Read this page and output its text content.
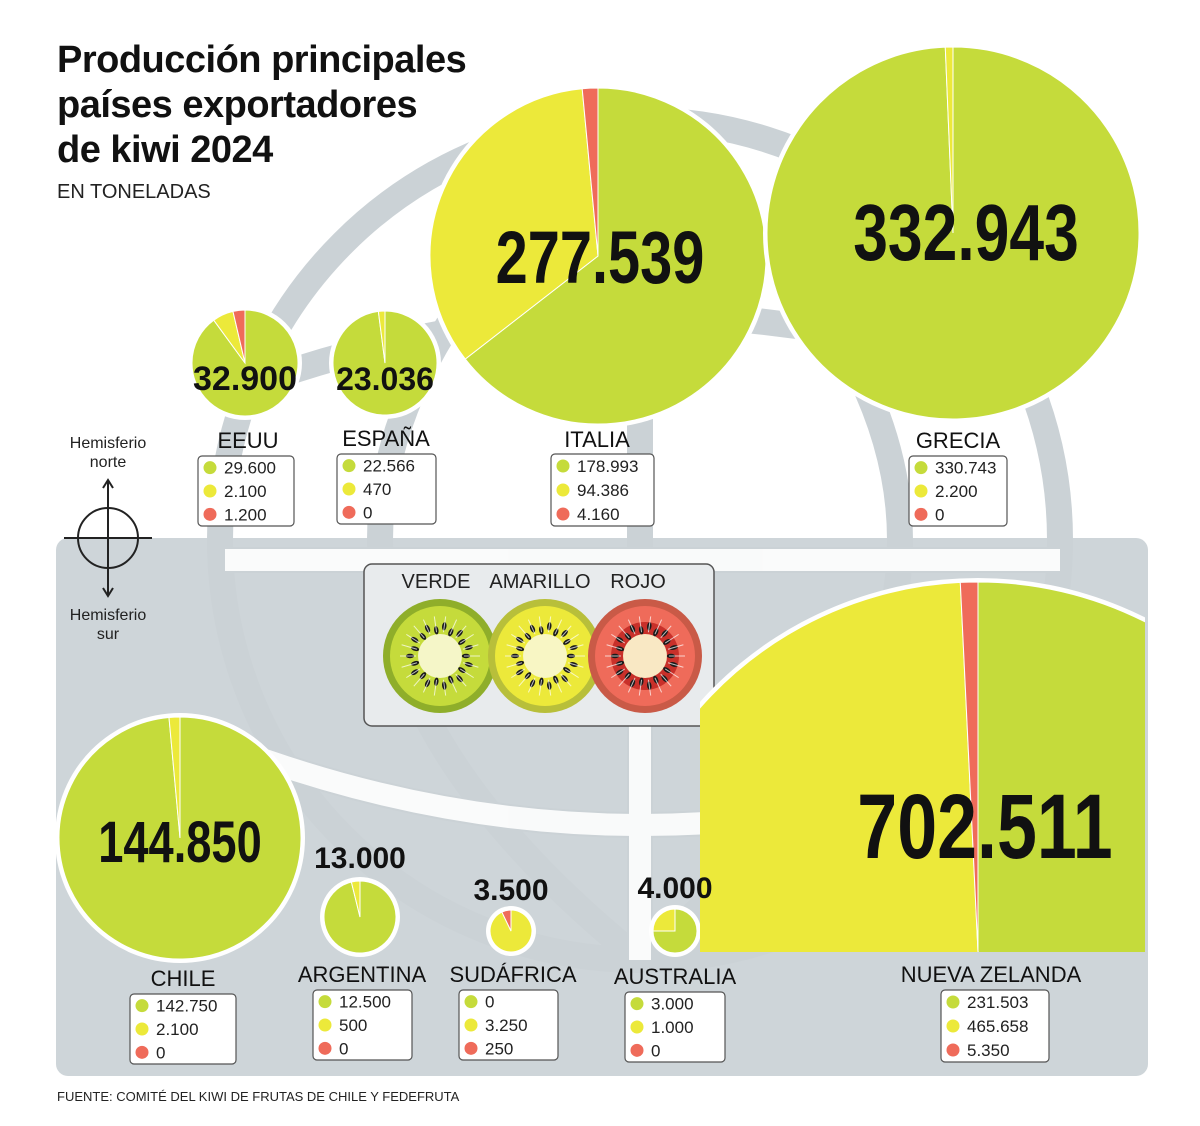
VERDE AMARILLO ROJO
32.900 23.036
277.539 332.943
144.850 13.000
3.500	4.000
702.511
EEUU	ESPAÑA	ITALIA	GRECIA
CHILE	ARGENTINA SUDÁFRICA AUSTRALIA	NUEVA ZELANDA
29.600
2.100
1.200
22.566
470
0
178.993
94.386
4.160
330.743
2.200
0
142.750
2.100
0
12.500
500
0
0
3.250
250
3.000
1.000
0
231.503
465.658
5.350
Producción principales
países exportadores
de kiwi 2024
EN TONELADAS
Hemisferio
norte
Hemisferio
sur
FUENTE: COMITÉ DEL KIWI DE FRUTAS DE CHILE Y FEDEFRUTA
